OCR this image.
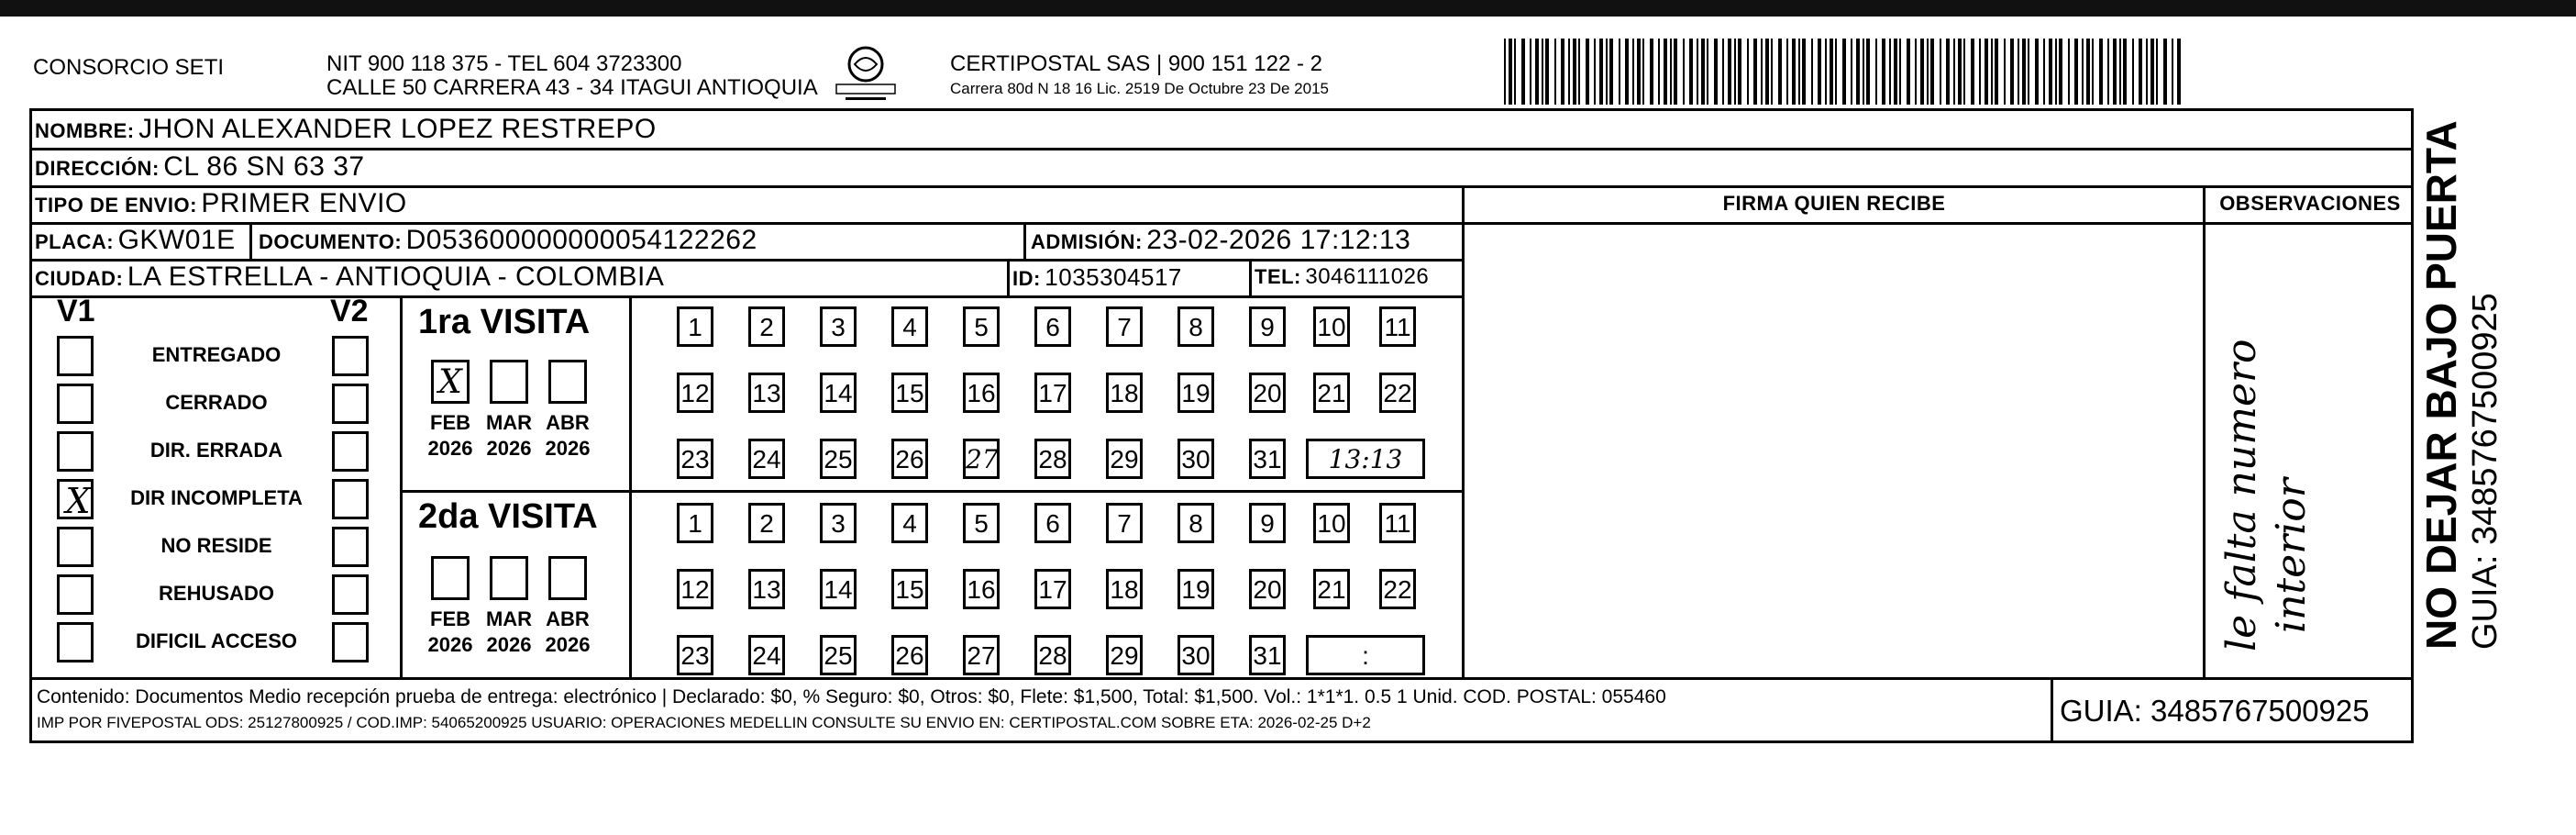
CONSORCIO SETI	NIT 900 118 375 - TEL 604 3723300
CALLE 50 CARRERA 43 - 34 ITAGUI ANTIOQUIA
CERTIPOSTAL SAS | 900 151 122 - 2
Carrera 80d N 18 16 Lic. 2519 De Octubre 23 De 2015
NOMBRE: JHON ALEXANDER LOPEZ RESTREPO
DIRECCIÓN: CL 86 SN 63 37
TIPO DE ENVIO: PRIMER ENVIO	FIRMA QUIEN RECIBE	OBSERVACIONES
PLACA: GKW01E DOCUMENTO: D053600000000054122262	ADMISIÓN: 23-02-2026 17:12:13
CIUDAD: LA ESTRELLA - ANTIOQUIA - COLOMBIA	ID: 1035304517	TEL: 3046111026
V1	V2
ENTREGADO
CERRADO
DIR. ERRADA
X	DIR INCOMPLETA
NO RESIDE
REHUSADO
DIFICIL ACCESO
1ra VISITA
X
FEB
2026
MAR
2026
ABR
2026
1	2	3	4	5	6	7	8	9	10 11
12 13 14 15 16 17 18 19 20 21 22
23 24 25 26 27 28 29 30 31	13:13
2da VISITA
FEB
2026
MAR
2026
ABR
2026
1	2	3	4	5	6	7	8	9	10 11
12 13 14 15 16 17 18 19 20 21 22
23 24 25 26 27 28 29 30 31	:
le falta numero interior
Contenido: Documentos Medio recepción prueba de entrega: electrónico | Declarado: $0, % Seguro: $0, Otros: $0, Flete: $1,500, Total: $1,500. Vol.: 1*1*1. 0.5 1 Unid. COD. POSTAL: 055460
IMP POR FIVEPOSTAL ODS: 25127800925 / COD.IMP: 54065200925 USUARIO: OPERACIONES MEDELLIN CONSULTE SU ENVIO EN: CERTIPOSTAL.COM SOBRE ETA: 2026-02-25 D+2	GUIA: 3485767500925
NO DEJAR BAJO PUERTA GUIA: 3485767500925
